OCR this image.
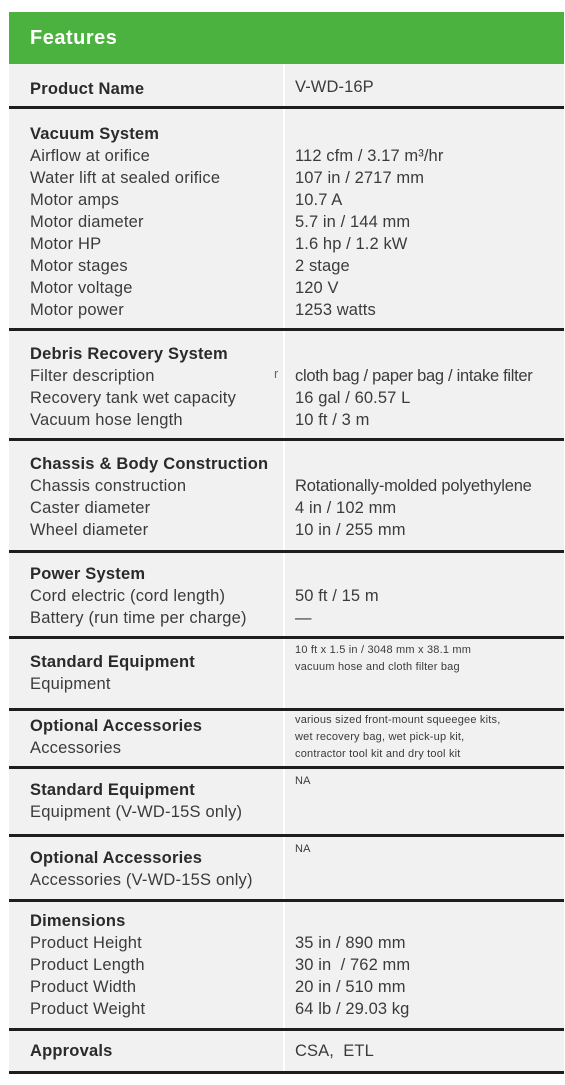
Features
Product Name	V-WD-16P
Vacuum System
Airflow at orifice
Water lift at sealed orifice
Motor amps
Motor diameter
Motor HP
Motor stages
Motor voltage
Motor power
112 cfm / 3.17 m³/hr
107 in / 2717 mm
10.7 A
5.7 in / 144 mm
1.6 hp / 1.2 kW
2 stage
120 V
1253 watts
Debris Recovery System
Filter description
Recovery tank wet capacity
Vacuum hose length
cloth bag / paper bag / intake filter
16 gal / 60.57 L
10 ft / 3 m
r
Chassis & Body Construction
Chassis construction
Caster diameter
Wheel diameter
Rotationally-molded polyethylene
4 in / 102 mm
10 in / 255 mm
Power System
Cord electric (cord length)
Battery (run time per charge)
50 ft / 15 m
—
Standard Equipment
Equipment
10 ft x 1.5 in / 3048 mm x 38.1 mm
vacuum hose and cloth filter bag
Optional Accessories
Accessories
various sized front-mount squeegee kits,
wet recovery bag, wet pick-up kit,
contractor tool kit and dry tool kit
Standard Equipment
Equipment (V-WD-15S only)
NA
Optional Accessories
Accessories (V-WD-15S only)
NA
Dimensions
Product Height
Product Length
Product Width
Product Weight
35 in / 890 mm
30 in  / 762 mm
20 in / 510 mm
64 lb / 29.03 kg
Approvals	CSA,  ETL
